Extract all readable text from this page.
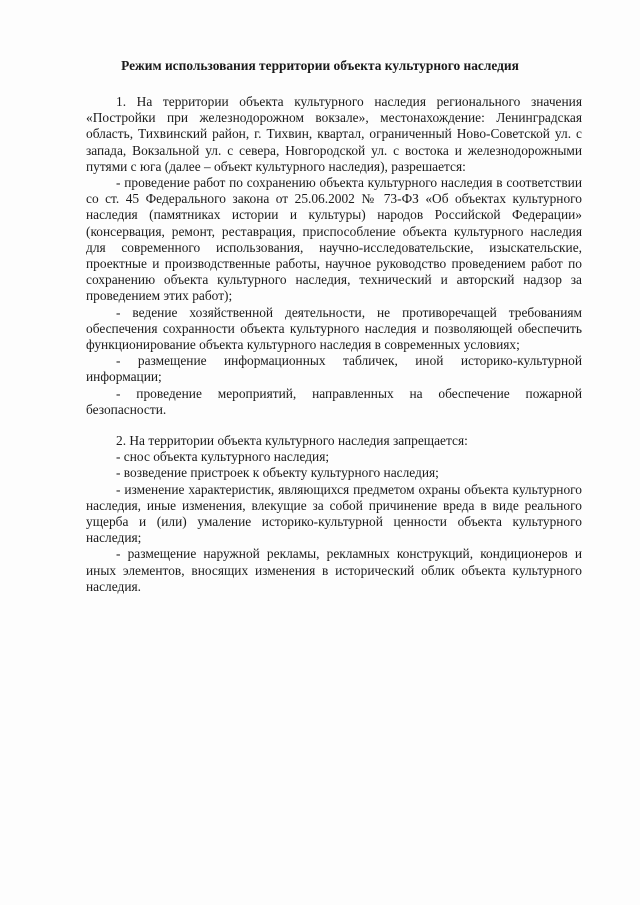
Режим использования территории объекта культурного наследия

1. На территории объекта культурного наследия регионального значения «Постройки при железнодорожном вокзале», местонахождение: Ленинградская область, Тихвинский район, г. Тихвин, квартал, ограниченный Ново-Советской ул. с запада, Вокзальной ул. с севера, Новгородской ул. с востока и железнодорожными путями с юга (далее – объект культурного наследия), разрешается:

- проведение работ по сохранению объекта культурного наследия в соответствии со ст. 45 Федерального закона от 25.06.2002 № 73-ФЗ «Об объектах культурного наследия (памятниках истории и культуры) народов Российской Федерации» (консервация, ремонт, реставрация, приспособление объекта культурного наследия для современного использования, научно-исследовательские, изыскательские, проектные и производственные работы, научное руководство проведением работ по сохранению объекта культурного наследия, технический и авторский надзор за проведением этих работ);

- ведение хозяйственной деятельности, не противоречащей требованиям обеспечения сохранности объекта культурного наследия и позволяющей обеспечить функционирование объекта культурного наследия в современных условиях;

- размещение информационных табличек, иной историко-культурной информации;

- проведение мероприятий, направленных на обеспечение пожарной безопасности.

2. На территории объекта культурного наследия запрещается:

- снос объекта культурного наследия;

- возведение пристроек к объекту культурного наследия;

- изменение характеристик, являющихся предметом охраны объекта культурного наследия, иные изменения, влекущие за собой причинение вреда в виде реального ущерба и (или) умаление историко-культурной ценности объекта культурного наследия;

- размещение наружной рекламы, рекламных конструкций, кондиционеров и иных элементов, вносящих изменения в исторический облик объекта культурного наследия.
